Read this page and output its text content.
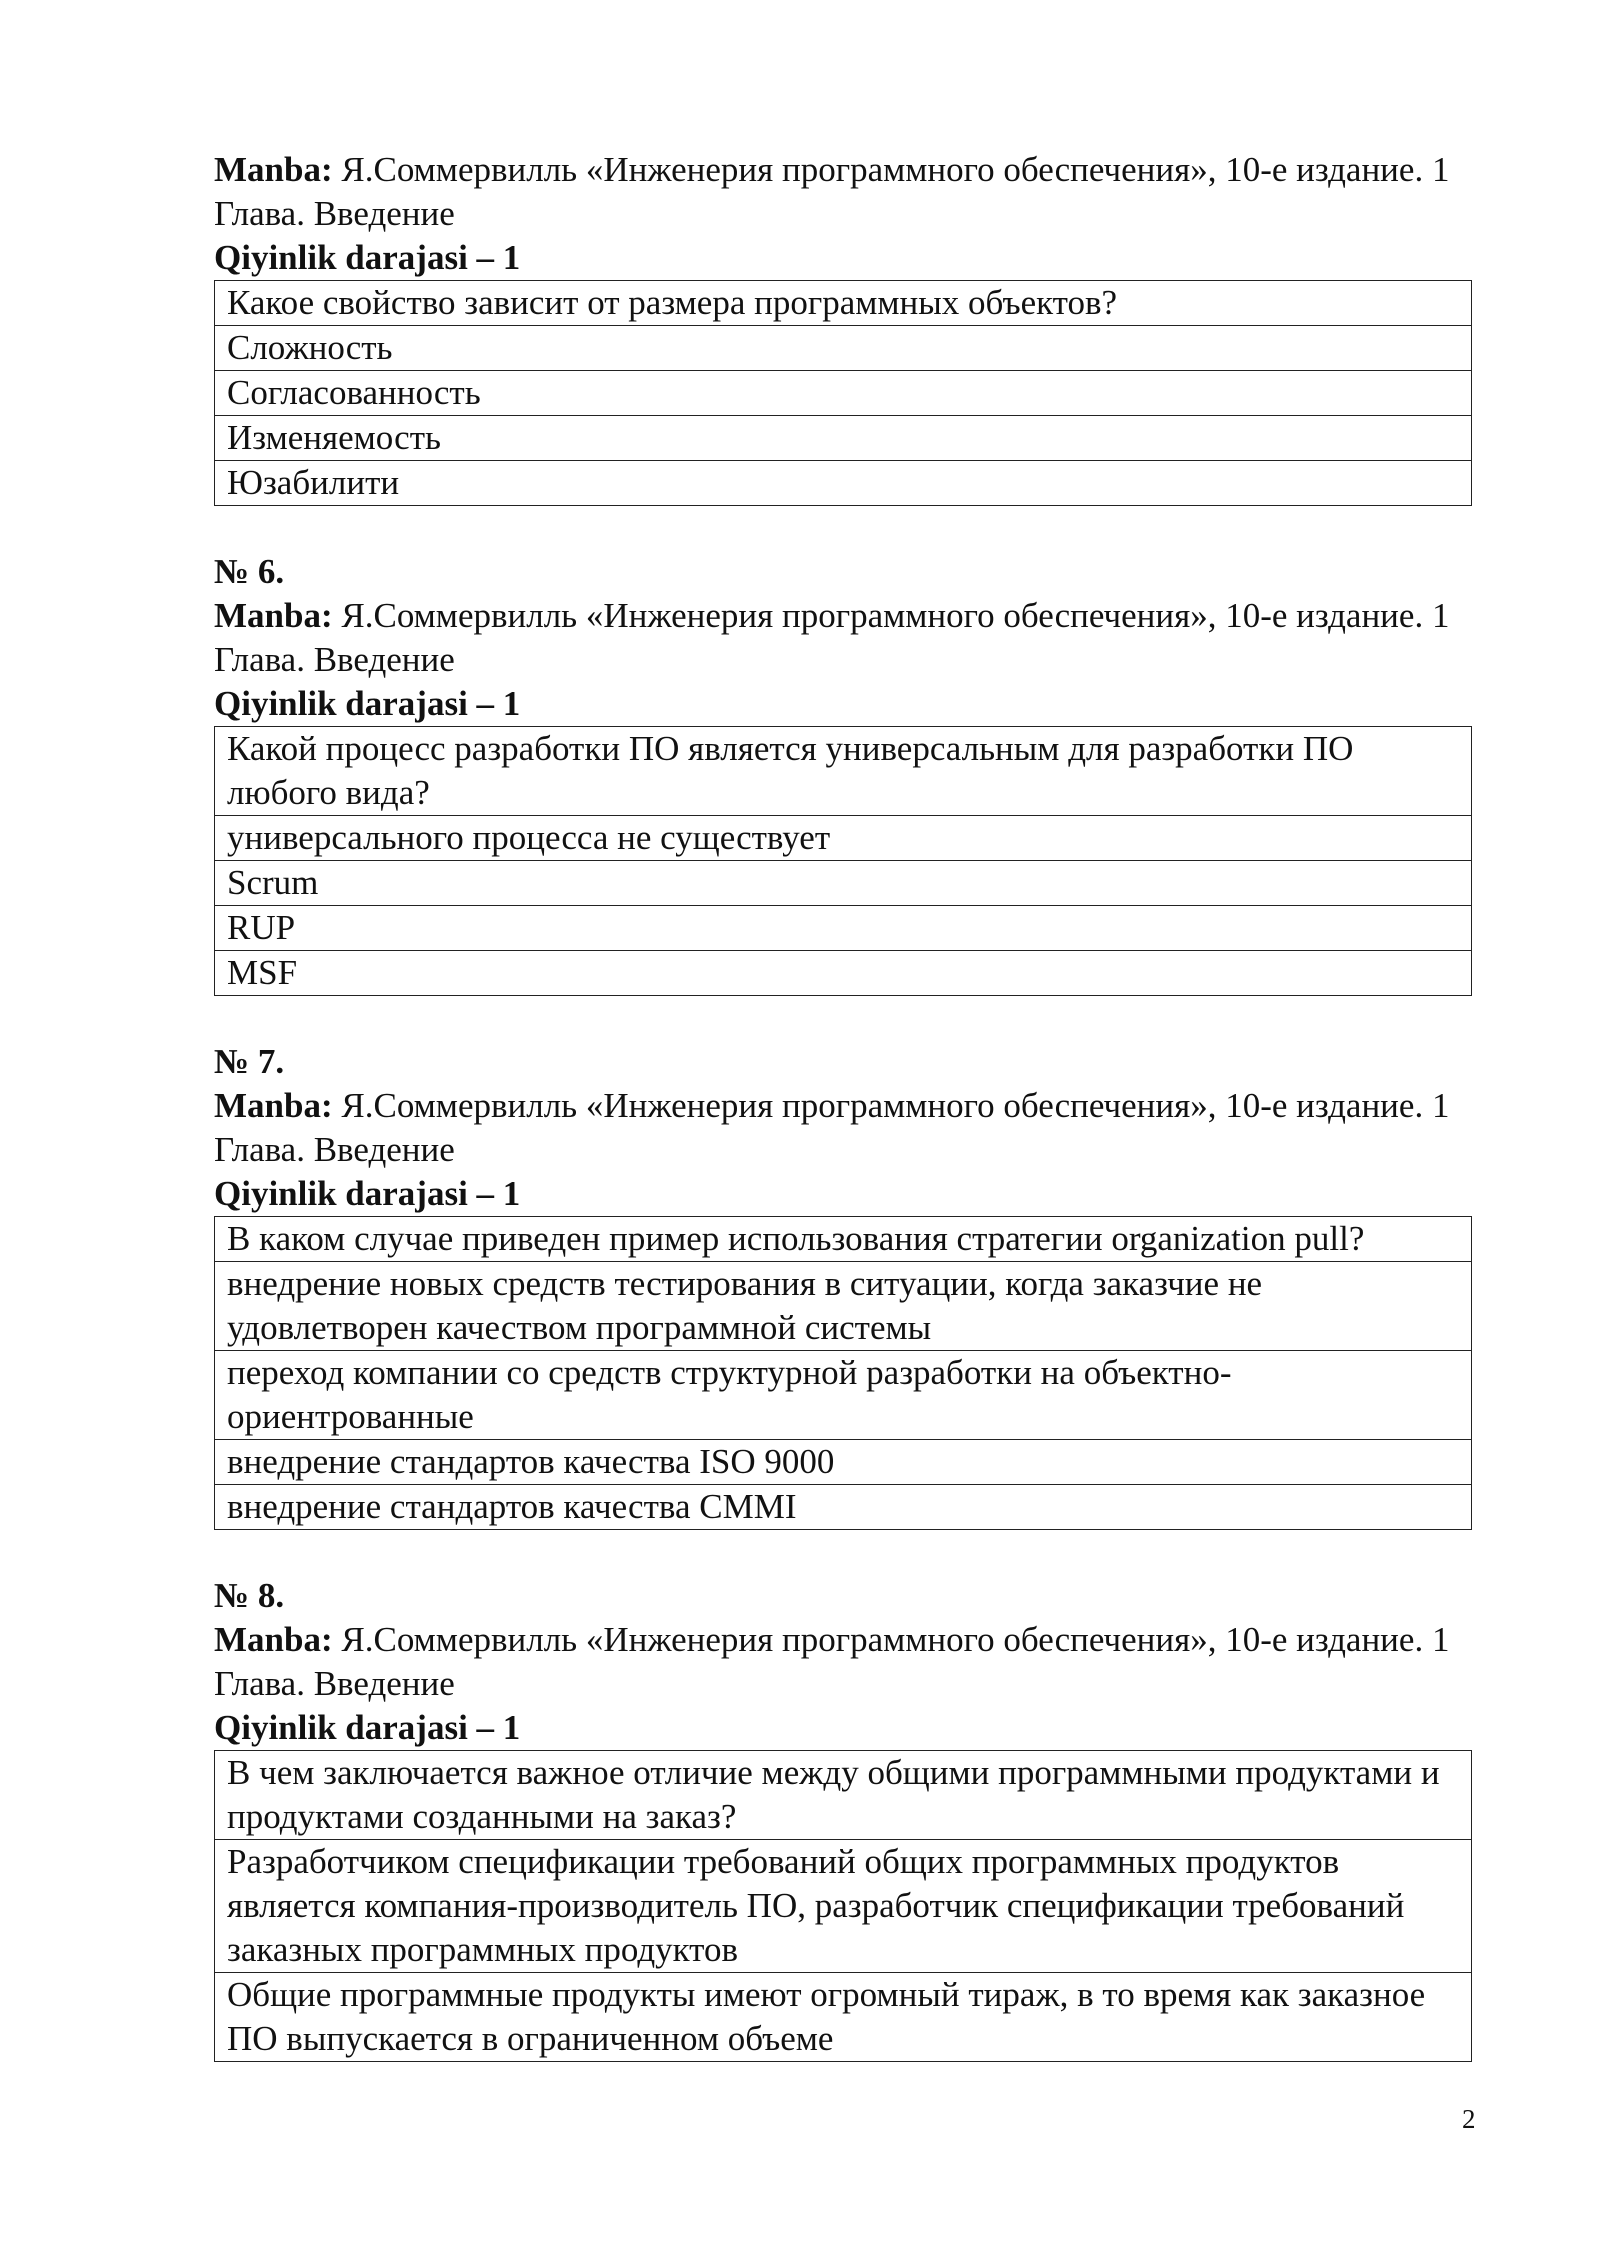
Manba: Я.Соммервилль «Инженерия программного обеспечения», 10-е издание. 1 Глава. Введение
Qiyinlik darajasi – 1
Какое свойство зависит от размера программных объектов?
Сложность
Согласованность
Изменяемость
Юзабилити
№ 6.
Manba: Я.Соммервилль «Инженерия программного обеспечения», 10-е издание. 1 Глава. Введение
Qiyinlik darajasi – 1
Какой процесс разработки ПО является универсальным для разработки ПО любого вида?
универсального процесса не существует
Scrum
RUP
MSF
№ 7.
Manba: Я.Соммервилль «Инженерия программного обеспечения», 10-е издание. 1 Глава. Введение
Qiyinlik darajasi – 1
В каком случае приведен пример использования стратегии organization pull?
внедрение новых средств тестирования в ситуации, когда заказчие не удовлетворен качеством программной системы
переход компании со средств структурной разработки на объектно-ориентрованные
внедрение стандартов качества ISO 9000
внедрение стандартов качества CMMI
№ 8.
Manba: Я.Соммервилль «Инженерия программного обеспечения», 10-е издание. 1 Глава. Введение
Qiyinlik darajasi – 1
В чем заключается важное отличие между общими программными продуктами и продуктами созданными на заказ?
Разработчиком спецификации требований общих программных продуктов является компания-производитель ПО, разработчик спецификации требований заказных программных продуктов
Общие программные продукты имеют огромный тираж, в то время как заказное ПО выпускается в ограниченном объеме
2
